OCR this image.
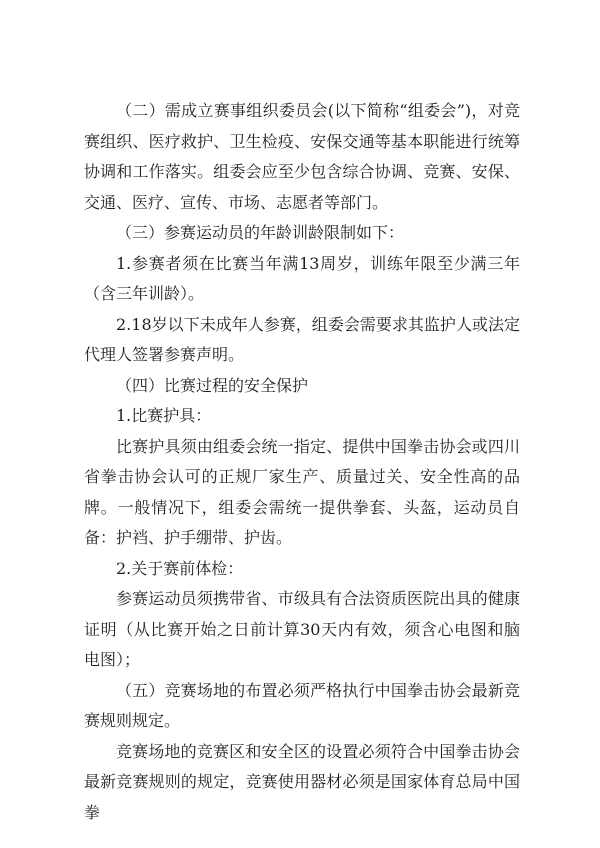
（二）需成立赛事组织委员会(以下简称“组委会”)，对竞赛组织、医疗救护、卫生检疫、安保交通等基本职能进行统筹协调和工作落实。组委会应至少包含综合协调、竞赛、安保、交通、医疗、宣传、市场、志愿者等部门。

（三）参赛运动员的年龄训龄限制如下：

1.参赛者须在比赛当年满13周岁，训练年限至少满三年（含三年训龄）。

2.18岁以下未成年人参赛，组委会需要求其监护人或法定代理人签署参赛声明。

（四）比赛过程的安全保护

1.比赛护具：

比赛护具须由组委会统一指定、提供中国拳击协会或四川省拳击协会认可的正规厂家生产、质量过关、安全性高的品牌。一般情况下，组委会需统一提供拳套、头盔，运动员自备：护裆、护手绷带、护齿。

2.关于赛前体检：

参赛运动员须携带省、市级具有合法资质医院出具的健康证明（从比赛开始之日前计算30天内有效，须含心电图和脑电图）；

（五）竞赛场地的布置必须严格执行中国拳击协会最新竞赛规则规定。

竞赛场地的竞赛区和安全区的设置必须符合中国拳击协会最新竞赛规则的规定，竞赛使用器材必须是国家体育总局中国拳
